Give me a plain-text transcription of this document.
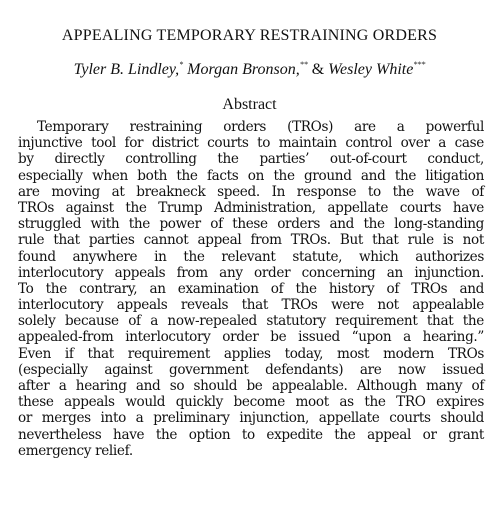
APPEALING TEMPORARY RESTRAINING ORDERS
Tyler B. Lindley,* Morgan Bronson,** & Wesley White***
Abstract
Temporary restraining orders (TROs) are a powerful
injunctive tool for district courts to maintain control over a case
by directly controlling the parties’ out-of-court conduct,
especially when both the facts on the ground and the litigation
are moving at breakneck speed. In response to the wave of
TROs against the Trump Administration, appellate courts have
struggled with the power of these orders and the long-standing
rule that parties cannot appeal from TROs. But that rule is not
found anywhere in the relevant statute, which authorizes
interlocutory appeals from any order concerning an injunction.
To the contrary, an examination of the history of TROs and
interlocutory appeals reveals that TROs were not appealable
solely because of a now-repealed statutory requirement that the
appealed-from interlocutory order be issued “upon a hearing.”
Even if that requirement applies today, most modern TROs
(especially against government defendants) are now issued
after a hearing and so should be appealable. Although many of
these appeals would quickly become moot as the TRO expires
or merges into a preliminary injunction, appellate courts should
nevertheless have the option to expedite the appeal or grant
emergency relief.
